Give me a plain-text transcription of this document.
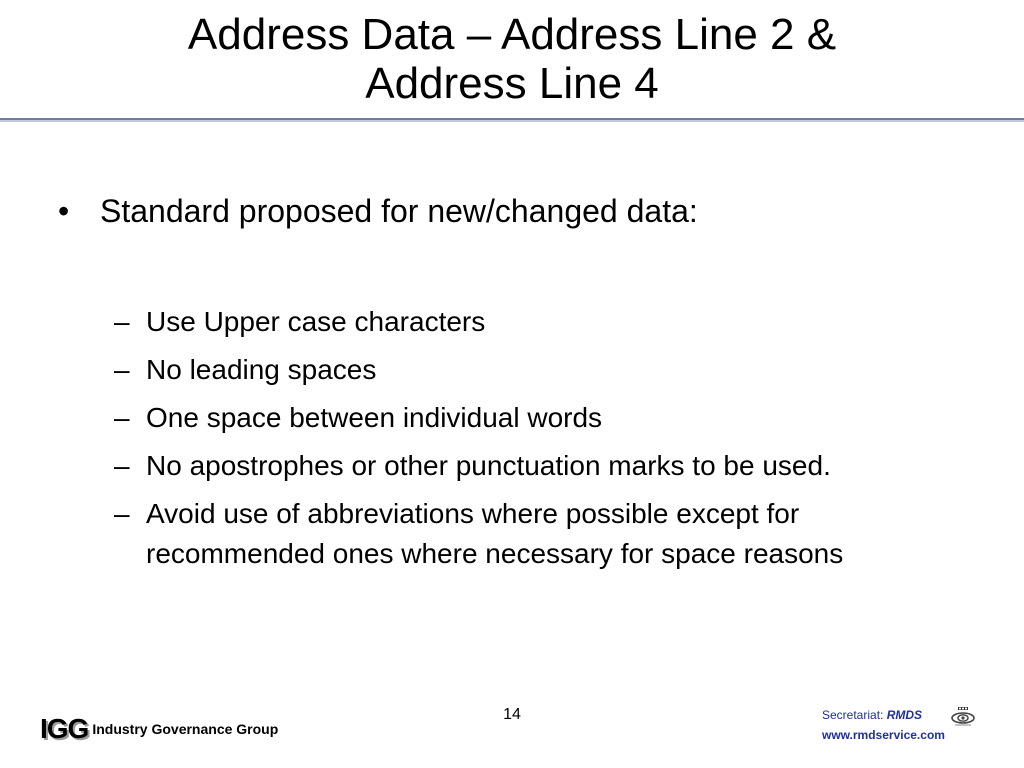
Address Data – Address Line 2 &
Address Line 4
• Standard proposed for new/changed data:
– Use Upper case characters
– No leading spaces
– One space between individual words
– No apostrophes or other punctuation marks to be used.
– Avoid use of abbreviations where possible except for recommended ones where necessary for space reasons
14
IGG Industry Governance Group
Secretariat: RMDS
www.rmdservice.com
